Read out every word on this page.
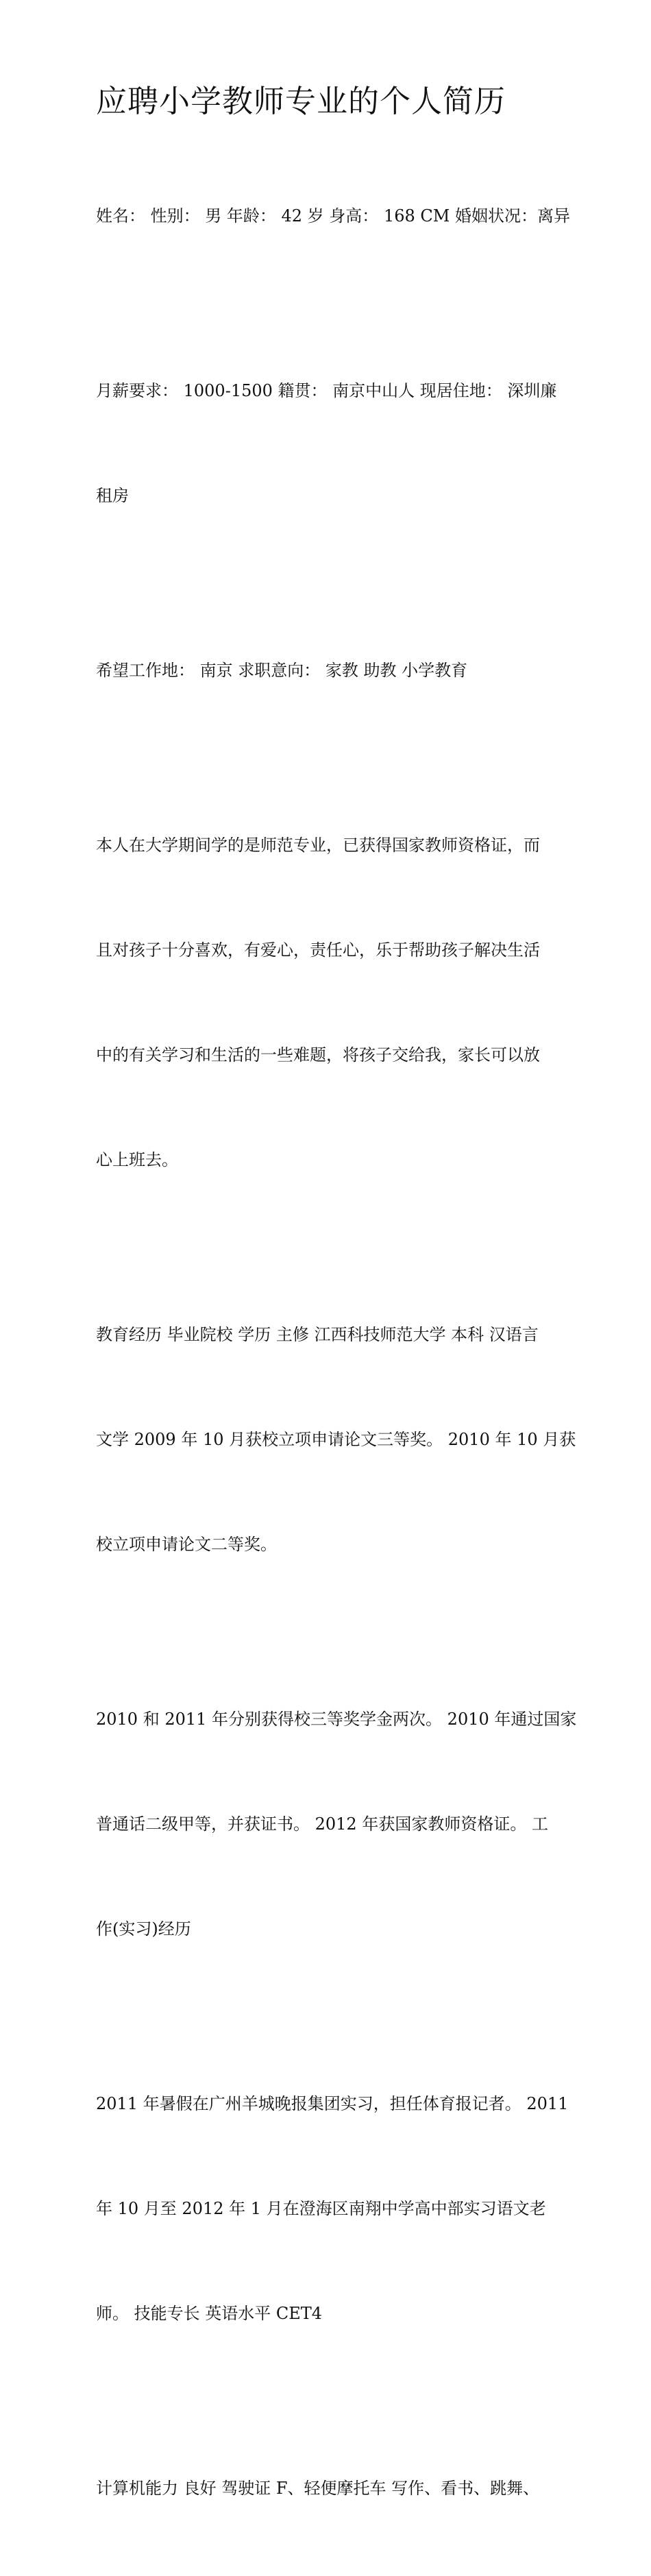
应聘小学教师专业的个人简历

姓名： 性别： 男 年龄： 42 岁 身高： 168 CM 婚姻状况：离异

月薪要求： 1000-1500 籍贯： 南京中山人 现居住地： 深圳廉

租房

希望工作地： 南京 求职意向： 家教 助教 小学教育

本人在大学期间学的是师范专业，已获得国家教师资格证，而

且对孩子十分喜欢，有爱心，责任心，乐于帮助孩子解决生活

中的有关学习和生活的一些难题，将孩子交给我，家长可以放

心上班去。

教育经历 毕业院校 学历 主修 江西科技师范大学 本科 汉语言

文学 2009 年 10 月获校立项申请论文三等奖。 2010 年 10 月获

校立项申请论文二等奖。

2010 和 2011 年分别获得校三等奖学金两次。 2010 年通过国家

普通话二级甲等，并获证书。 2012 年获国家教师资格证。 工

作(实习)经历

2011 年暑假在广州羊城晚报集团实习，担任体育报记者。 2011

年 10 月至 2012 年 1 月在澄海区南翔中学高中部实习语文老

师。 技能专长 英语水平 CET4

计算机能力 良好 驾驶证 F、轻便摩托车 写作、看书、跳舞、
